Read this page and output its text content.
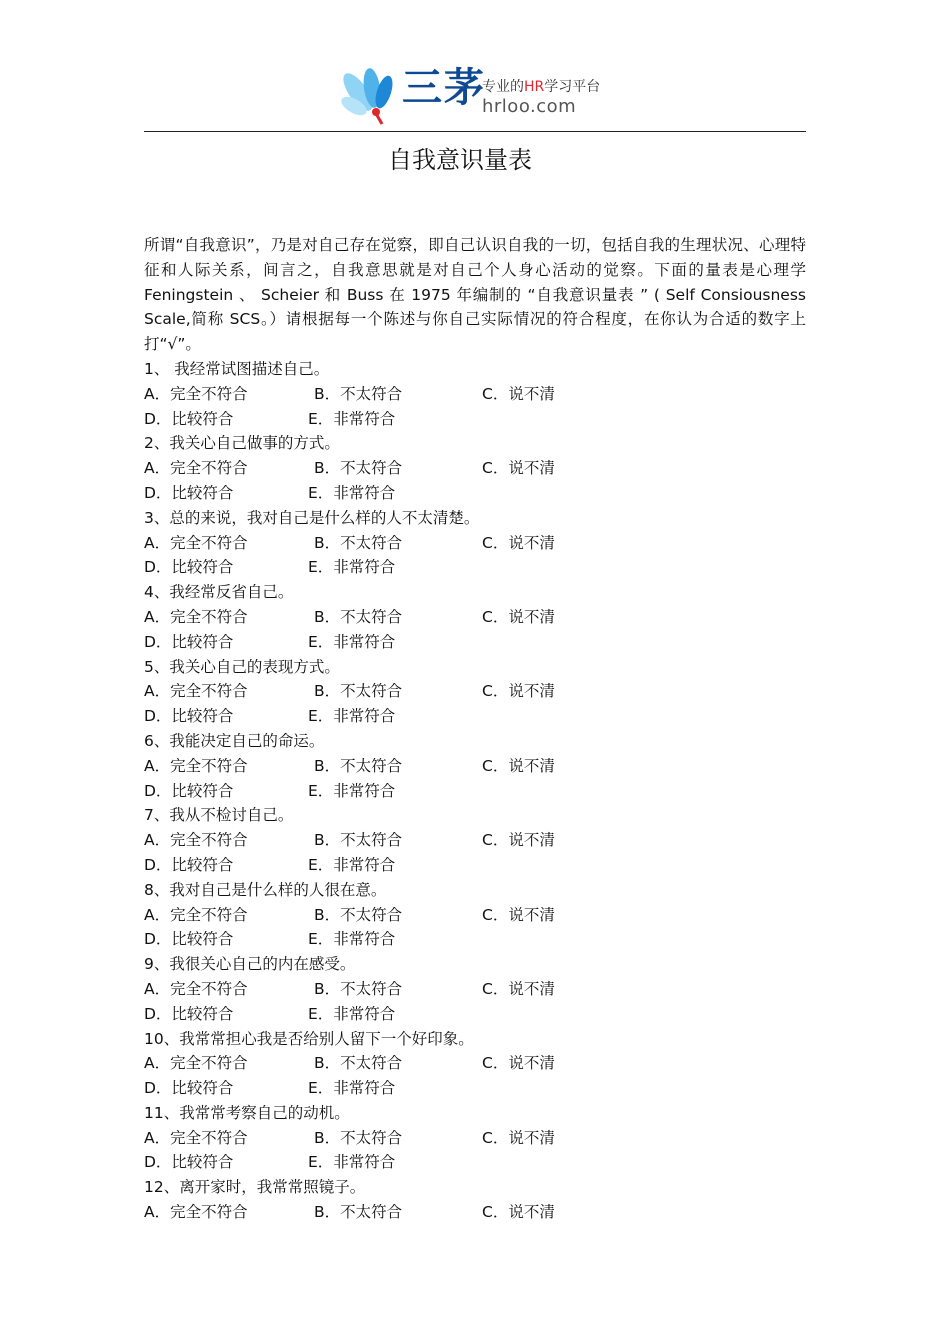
三茅
专业的HR学习平台
hrloo.com
自我意识量表
所谓“自我意识”，乃是对自己存在觉察，即自己认识自我的一切，包括自我的生理状况、心理特征和人际关系，间言之，自我意思就是对自己个人身心活动的觉察。下面的量表是心理学 Feningstein 、 Scheier 和 Buss 在 1975 年编制的 “自我意识量表 ” ( Self Consiousness Scale,简称 SCS。）请根据每一个陈述与你自己实际情况的符合程度，在你认为合适的数字上打“√”。
1、 我经常试图描述自己。
A．完全不符合	B．不太符合	C．说不清
D．比较符合	E．非常符合
2、我关心自己做事的方式。
A．完全不符合	B．不太符合	C．说不清
D．比较符合	E．非常符合
3、总的来说，我对自己是什么样的人不太清楚。
A．完全不符合	B．不太符合	C．说不清
D．比较符合	E．非常符合
4、我经常反省自己。
A．完全不符合	B．不太符合	C．说不清
D．比较符合	E．非常符合
5、我关心自己的表现方式。
A．完全不符合	B．不太符合	C．说不清
D．比较符合	E．非常符合
6、我能决定自己的命运。
A．完全不符合	B．不太符合	C．说不清
D．比较符合	E．非常符合
7、我从不检讨自己。
A．完全不符合	B．不太符合	C．说不清
D．比较符合	E．非常符合
8、我对自己是什么样的人很在意。
A．完全不符合	B．不太符合	C．说不清
D．比较符合	E．非常符合
9、我很关心自己的内在感受。
A．完全不符合	B．不太符合	C．说不清
D．比较符合	E．非常符合
10、我常常担心我是否给别人留下一个好印象。
A．完全不符合	B．不太符合	C．说不清
D．比较符合	E．非常符合
11、我常常考察自己的动机。
A．完全不符合	B．不太符合	C．说不清
D．比较符合	E．非常符合
12、离开家时，我常常照镜子。
A．完全不符合	B．不太符合	C．说不清
